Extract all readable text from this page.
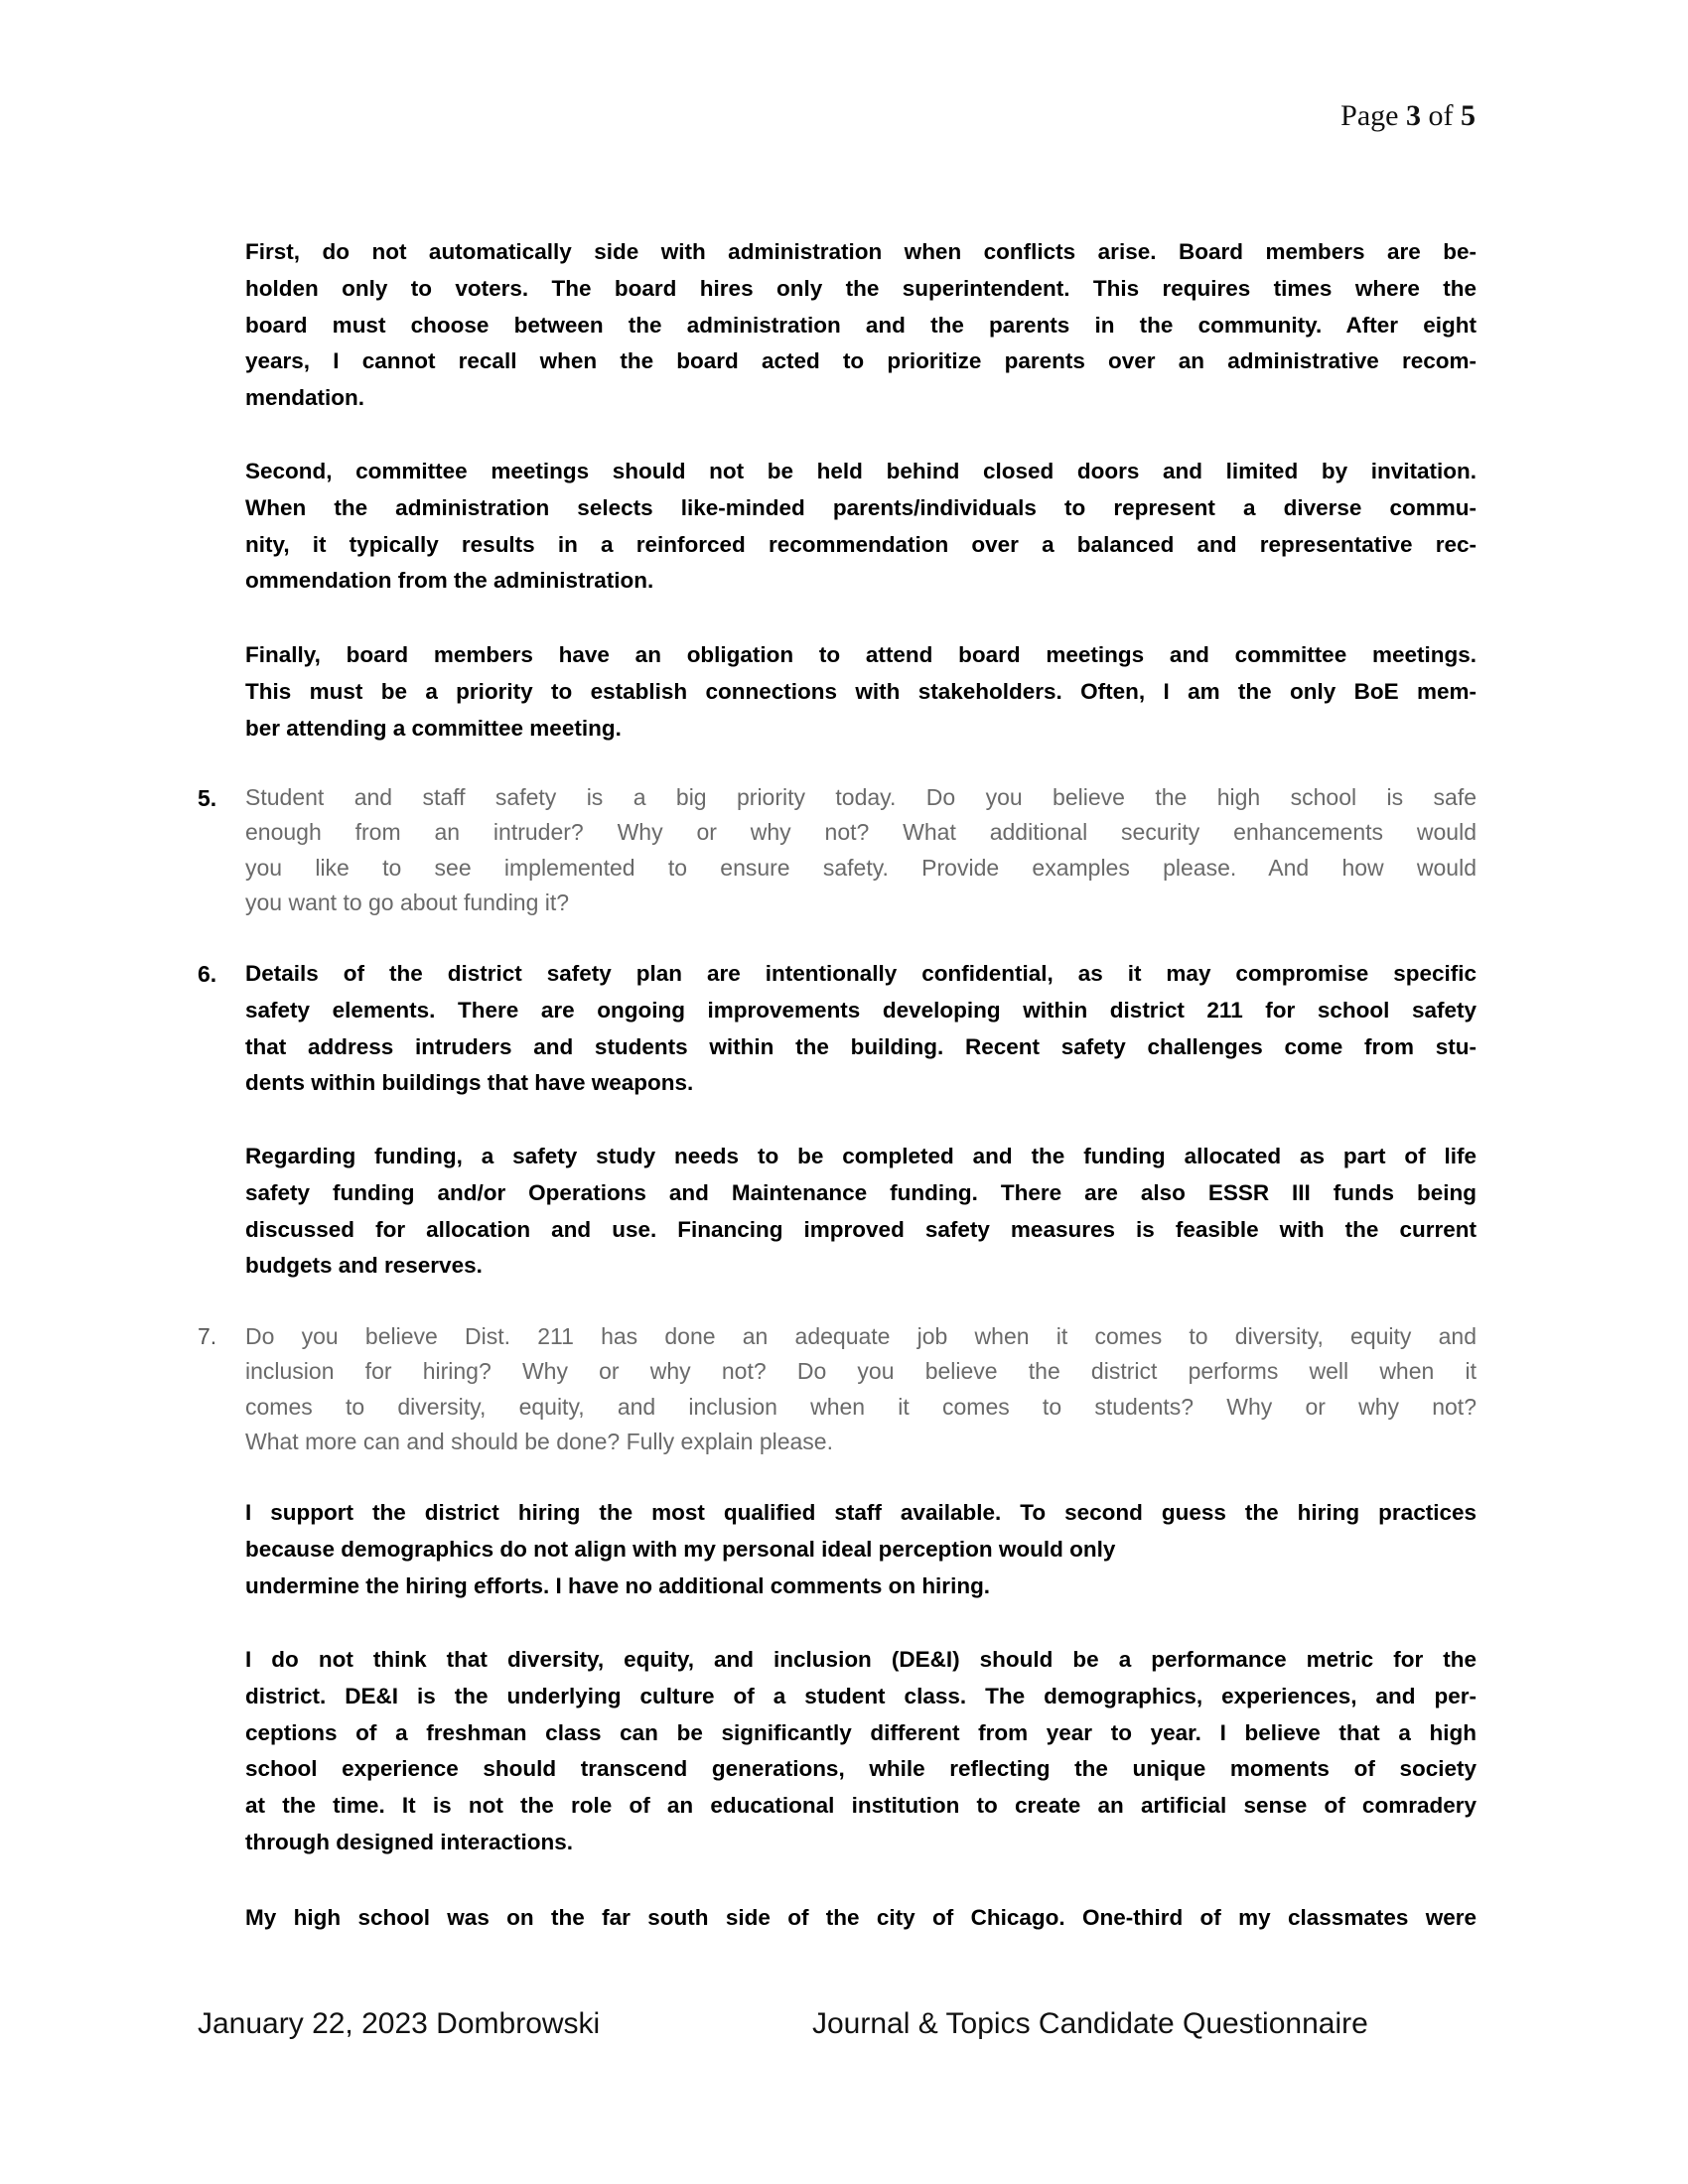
Page 3 of 5
First, do not automatically side with administration when conflicts arise. Board members are be-
holden only to voters. The board hires only the superintendent. This requires times where the
board must choose between the administration and the parents in the community. After eight
years, I cannot recall when the board acted to prioritize parents over an administrative recom-
mendation.
Second, committee meetings should not be held behind closed doors and limited by invitation.
When the administration selects like-minded parents/individuals to represent a diverse commu-
nity, it typically results in a reinforced recommendation over a balanced and representative rec-
ommendation from the administration.
Finally, board members have an obligation to attend board meetings and committee meetings.
This must be a priority to establish connections with stakeholders. Often, I am the only BoE mem-
ber attending a committee meeting.
5. Student and staff safety is a big priority today. Do you believe the high school is safe
enough from an intruder? Why or why not? What additional security enhancements would
you like to see implemented to ensure safety. Provide examples please. And how would
you want to go about funding it?
6. Details of the district safety plan are intentionally confidential, as it may compromise specific
safety elements. There are ongoing improvements developing within district 211 for school safety
that address intruders and students within the building. Recent safety challenges come from stu-
dents within buildings that have weapons.
Regarding funding, a safety study needs to be completed and the funding allocated as part of life
safety funding and/or Operations and Maintenance funding. There are also ESSR III funds being
discussed for allocation and use. Financing improved safety measures is feasible with the current
budgets and reserves.
7. Do you believe Dist. 211 has done an adequate job when it comes to diversity, equity and
inclusion for hiring? Why or why not? Do you believe the district performs well when it
comes to diversity, equity, and inclusion when it comes to students? Why or why not?
What more can and should be done? Fully explain please.
I support the district hiring the most qualified staff available. To second guess the hiring practices
because demographics do not align with my personal ideal perception would only
undermine the hiring efforts. I have no additional comments on hiring.
I do not think that diversity, equity, and inclusion (DE&I) should be a performance metric for the
district. DE&I is the underlying culture of a student class. The demographics, experiences, and per-
ceptions of a freshman class can be significantly different from year to year. I believe that a high
school experience should transcend generations, while reflecting the unique moments of society
at the time. It is not the role of an educational institution to create an artificial sense of comradery
through designed interactions.
My high school was on the far south side of the city of Chicago. One-third of my classmates were
January 22, 2023 Dombrowski	Journal & Topics Candidate Questionnaire
